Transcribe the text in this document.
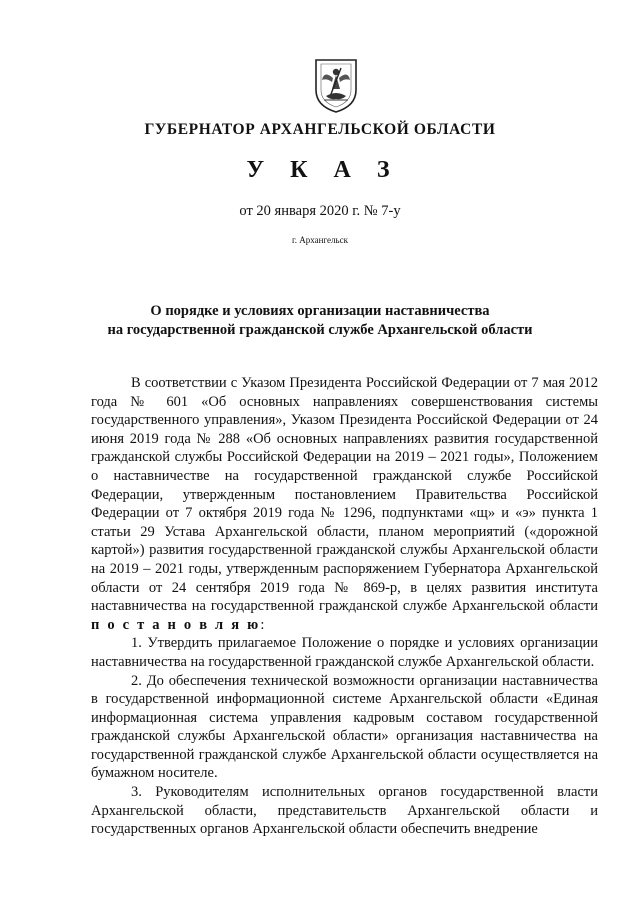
ГУБЕРНАТОР АРХАНГЕЛЬСКОЙ ОБЛАСТИ
У К А З
от 20 января 2020 г. № 7-у
г. Архангельск
О порядке и условиях организации наставничества
на государственной гражданской службе Архангельской области

В соответствии с Указом Президента Российской Федерации от 7 мая 2012 года № 601 «Об основных направлениях совершенствования системы государственного управления», Указом Президента Российской Федерации от 24 июня 2019 года № 288 «Об основных направлениях развития государственной гражданской службы Российской Федерации на 2019 – 2021 годы», Положением о наставничестве на государственной гражданской службе Российской Федерации, утвержденным постановлением Правительства Российской Федерации от 7 октября 2019 года № 1296, подпунктами «щ» и «э» пункта 1 статьи 29 Устава Архангельской области, планом мероприятий («дорожной картой») развития государственной гражданской службы Архангельской области на 2019 – 2021 годы, утвержденным распоряжением Губернатора Архангельской области от 24 сентября 2019 года № 869-р, в целях развития института наставничества на государственной гражданской службе Архангельской области п о с т а н о в л я ю:

1. Утвердить прилагаемое Положение о порядке и условиях организации наставничества на государственной гражданской службе Архангельской области.

2. До обеспечения технической возможности организации наставничества в государственной информационной системе Архангельской области «Единая информационная система управления кадровым составом государственной гражданской службы Архангельской области» организация наставничества на государственной гражданской службе Архангельской области осуществляется на бумажном носителе.

3. Руководителям исполнительных органов государственной власти Архангельской области, представительств Архангельской области и государственных органов Архангельской области обеспечить внедрение
